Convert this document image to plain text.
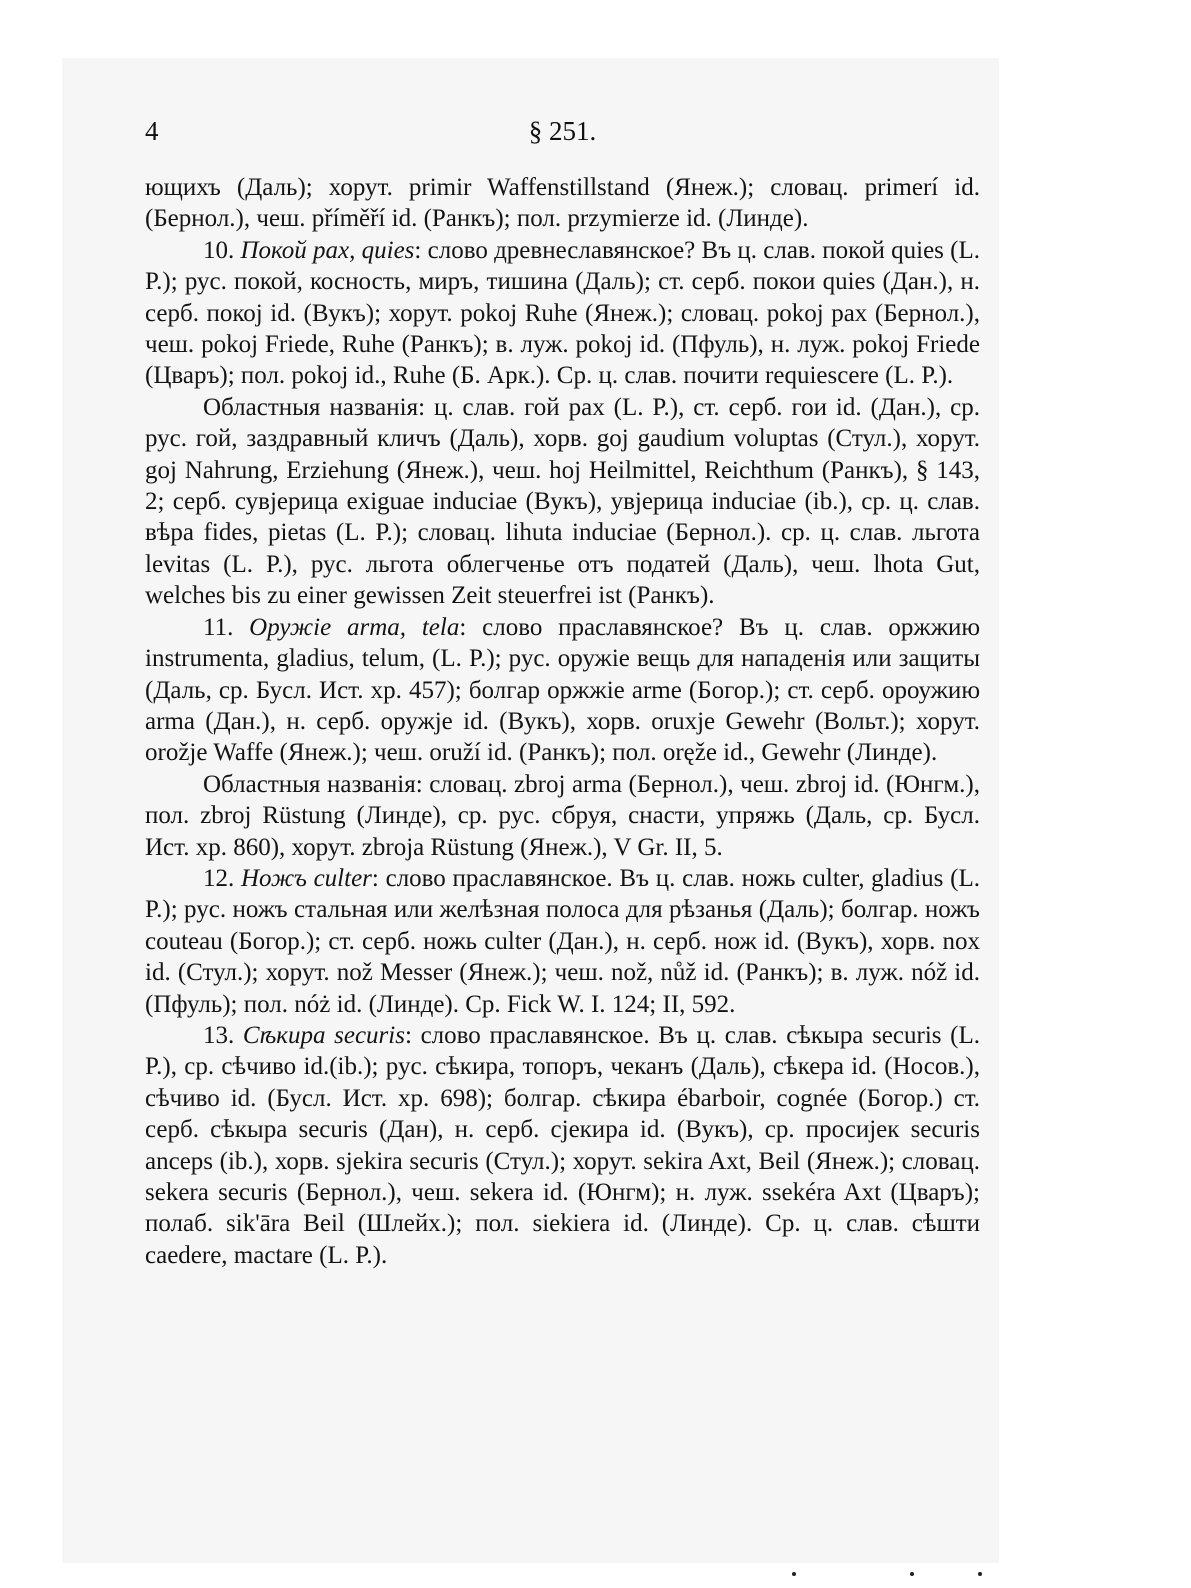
4	§ 251.

ющихъ (Даль); хорут. primir Waffenstillstand (Янеж.); словац. primerí id. (Бернол.), чеш. příměří id. (Ранкъ); пол. przymierze id. (Линде).

10. Покой pax, quies: слово древнеславянское? Въ ц. слав. покой quies (L. P.); рус. покой, косность, миръ, тишина (Даль); ст. серб. покои quies (Дан.), н. серб. покој id. (Вукъ); хорут. pokoj Ruhe (Янеж.); словац. pokoj pax (Бернол.), чеш. pokoj Friede, Ruhe (Ранкъ); в. луж. pokoj id. (Пфуль), н. луж. pokoj Friede (Цваръ); пол. pokoj id., Ruhe (Б. Арк.). Ср. ц. слав. почити requiescere (L. P.).

Областныя названія: ц. слав. гой pax (L. P.), ст. серб. гои id. (Дан.), ср. рус. гой, заздравный кличъ (Даль), хорв. goj gaudium voluptas (Стул.), хорут. goj Nahrung, Erziehung (Янеж.), чеш. hoj Heilmittel, Reichthum (Ранкъ), § 143, 2; серб. сувјерица exiguae induciae (Вукъ), увјерица induciae (ib.), ср. ц. слав. вѣра fides, pietas (L. P.); словац. lihuta induciae (Бернол.). ср. ц. слав. льгота levitas (L. P.), рус. льгота облегченье отъ податей (Даль), чеш. lhota Gut, welches bis zu einer gewissen Zeit steuerfrei ist (Ранкъ).

11. Оружіе arma, tela: слово праславянское? Въ ц. слав. оржжию instrumenta, gladius, telum, (L. P.); рус. оружіе вещь для нападенія или защиты (Даль, ср. Бусл. Ист. хр. 457); болгар оржжіе arme (Богор.); ст. серб. ороужию arma (Дан.), н. серб. оружје id. (Вукъ), хорв. oruxje Gewehr (Вольт.); хорут. orožje Waffe (Янеж.); чеш. oruží id. (Ранкъ); пол. oręže id., Gewehr (Линде).

Областныя названія: словац. zbroj arma (Бернол.), чеш. zbroj id. (Юнгм.), пол. zbroj Rüstung (Линде), ср. рус. сбруя, снасти, упряжь (Даль, ср. Бусл. Ист. хр. 860), хорут. zbroja Rüstung (Янеж.), V Gr. II, 5.

12. Ножъ culter: слово праславянское. Въ ц. слав. ножь culter, gladius (L. P.); рус. ножъ стальная или желѣзная полоса для рѣзанья (Даль); болгар. ножъ couteau (Богор.); ст. серб. ножь culter (Дан.), н. серб. нож id. (Вукъ), хорв. nox id. (Стул.); хорут. nož Messer (Янеж.); чеш. nož, nůž id. (Ранкъ); в. луж. nóž id. (Пфуль); пол. nóż id. (Линде). Ср. Fick W. I. 124; II, 592.

13. Сѣкира securis: слово праславянское. Въ ц. слав. сѣкыра securis (L. P.), ср. сѣчиво id.(ib.); рус. сѣкира, топоръ, чеканъ (Даль), сѣкера id. (Носов.), сѣчиво id. (Бусл. Ист. хр. 698); болгар. сѣкира ébarboir, cognée (Богор.) ст. серб. сѣкыра securis (Дан), н. серб. сјекира id. (Вукъ), ср. просијек securis anceps (ib.), хорв. sjekira securis (Стул.); хорут. sekira Axt, Beil (Янеж.); словац. sekera securis (Бернол.), чеш. sekera id. (Юнгм); н. луж. ssekéra Axt (Цваръ); полаб. sik'āra Beil (Шлейх.); пол. siekiera id. (Линде). Ср. ц. слав. сѣшти caedere, mactare (L. P.).
